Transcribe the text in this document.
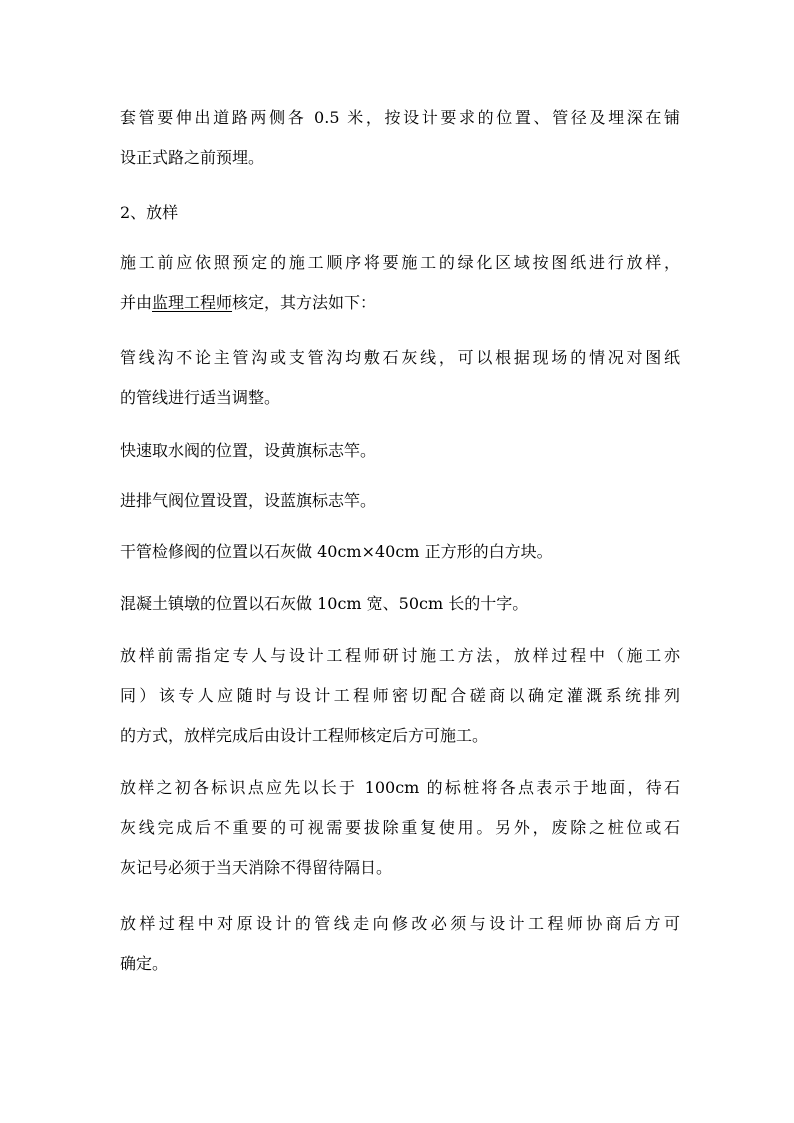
套管要伸出道路两侧各 0.5 米，按设计要求的位置、管径及埋深在铺
设正式路之前预埋。
2、放样
施工前应依照预定的施工顺序将要施工的绿化区域按图纸进行放样，
并由监理工程师核定，其方法如下：
管线沟不论主管沟或支管沟均敷石灰线，可以根据现场的情况对图纸
的管线进行适当调整。
快速取水阀的位置，设黄旗标志竿。
进排气阀位置设置，设蓝旗标志竿。
干管检修阀的位置以石灰做 40cm×40cm 正方形的白方块。
混凝土镇墩的位置以石灰做 10cm 宽、50cm 长的十字。
放样前需指定专人与设计工程师研讨施工方法，放样过程中（施工亦
同）该专人应随时与设计工程师密切配合磋商以确定灌溉系统排列
的方式，放样完成后由设计工程师核定后方可施工。
放样之初各标识点应先以长于 100cm 的标桩将各点表示于地面，待石
灰线完成后不重要的可视需要拔除重复使用。另外，废除之桩位或石
灰记号必须于当天消除不得留待隔日。
放样过程中对原设计的管线走向修改必须与设计工程师协商后方可
确定。
